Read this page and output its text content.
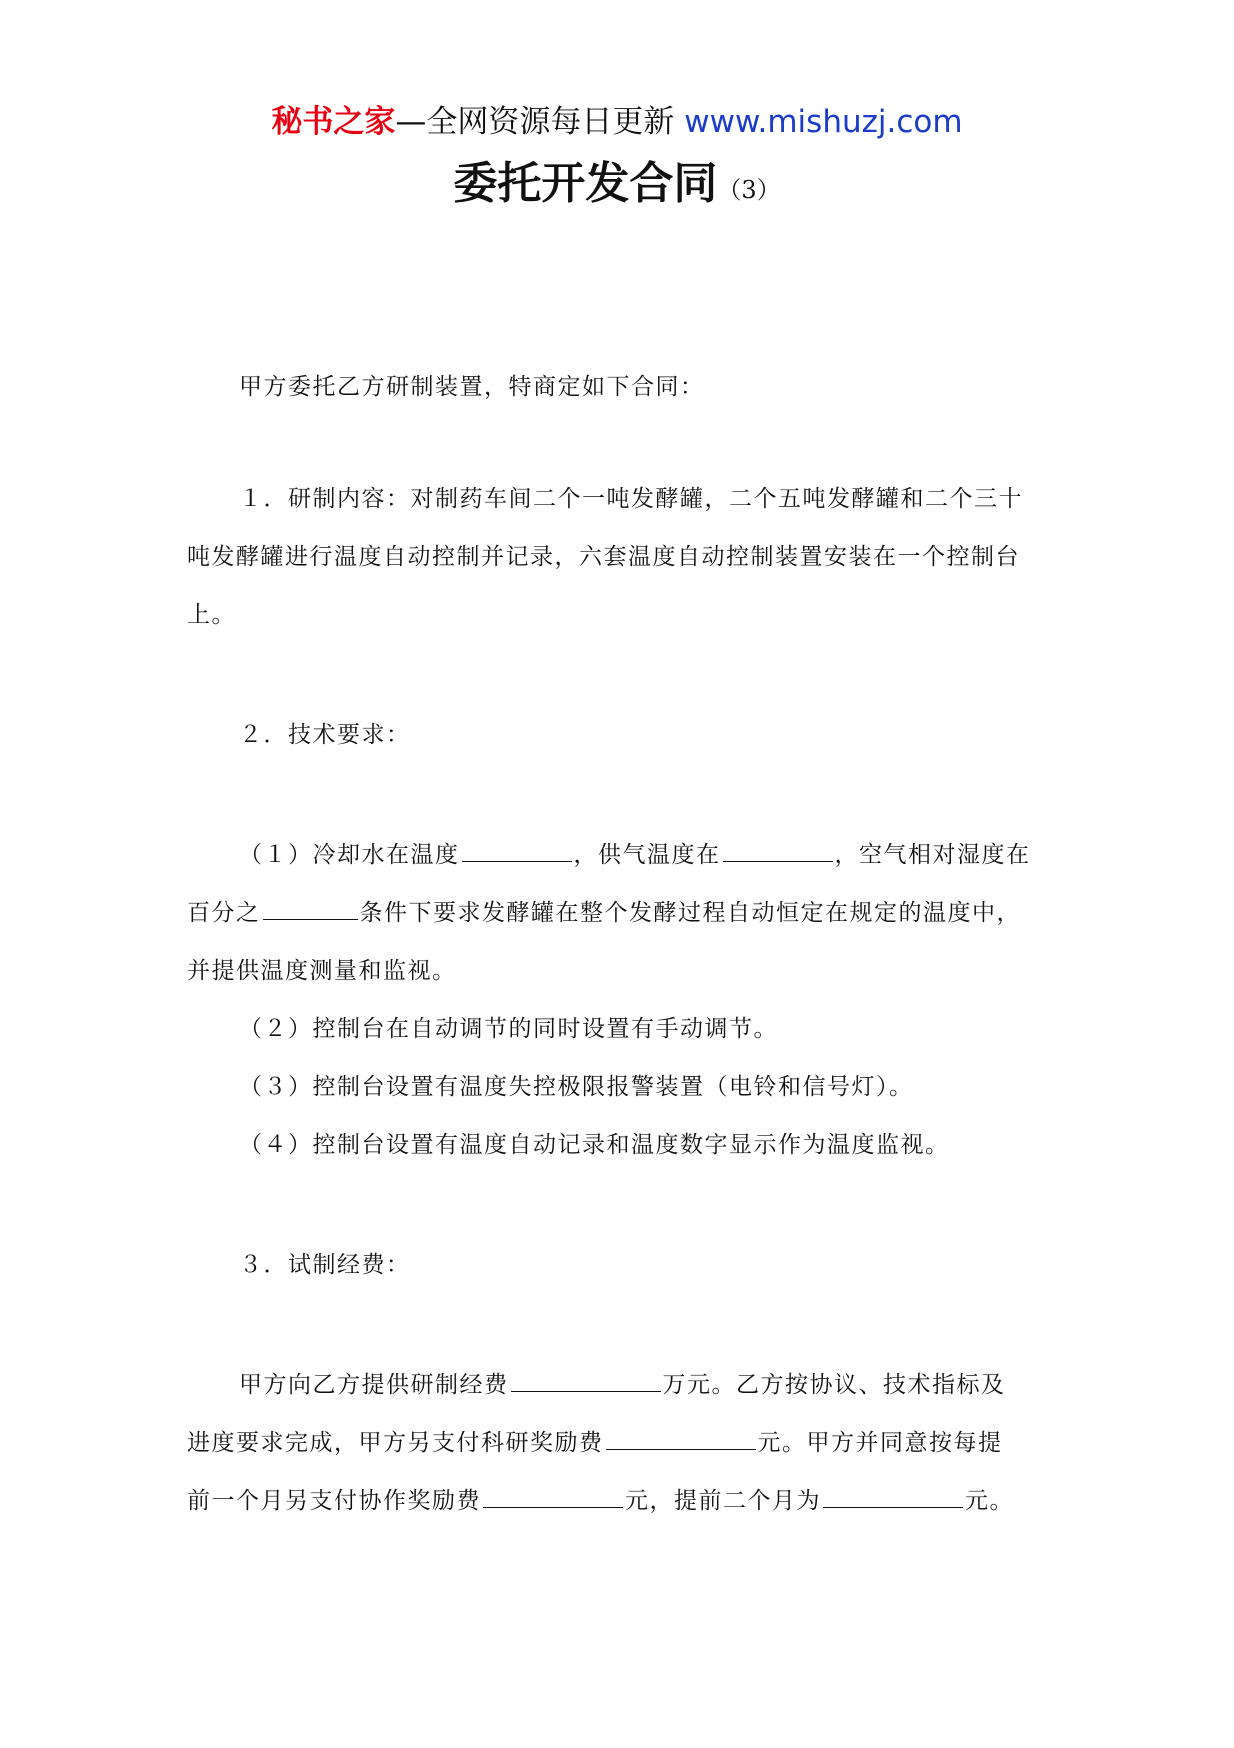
秘书之家—全网资源每日更新 www.mishuzj.com
委托开发合同（3）
甲方委托乙方研制装置，特商定如下合同：
１．研制内容：对制药车间二个一吨发酵罐，二个五吨发酵罐和二个三十
吨发酵罐进行温度自动控制并记录，六套温度自动控制装置安装在一个控制台
上。
２．技术要求：
（１）冷却水在温度	，供气温度在	，空气相对湿度在
百分之	条件下要求发酵罐在整个发酵过程自动恒定在规定的温度中，
并提供温度测量和监视。
（２）控制台在自动调节的同时设置有手动调节。
（３）控制台设置有温度失控极限报警装置（电铃和信号灯）。
（４）控制台设置有温度自动记录和温度数字显示作为温度监视。
３．试制经费：
甲方向乙方提供研制经费	万元。乙方按协议、技术指标及
进度要求完成，甲方另支付科研奖励费	元。甲方并同意按每提
前一个月另支付协作奖励费	元，提前二个月为	元。
